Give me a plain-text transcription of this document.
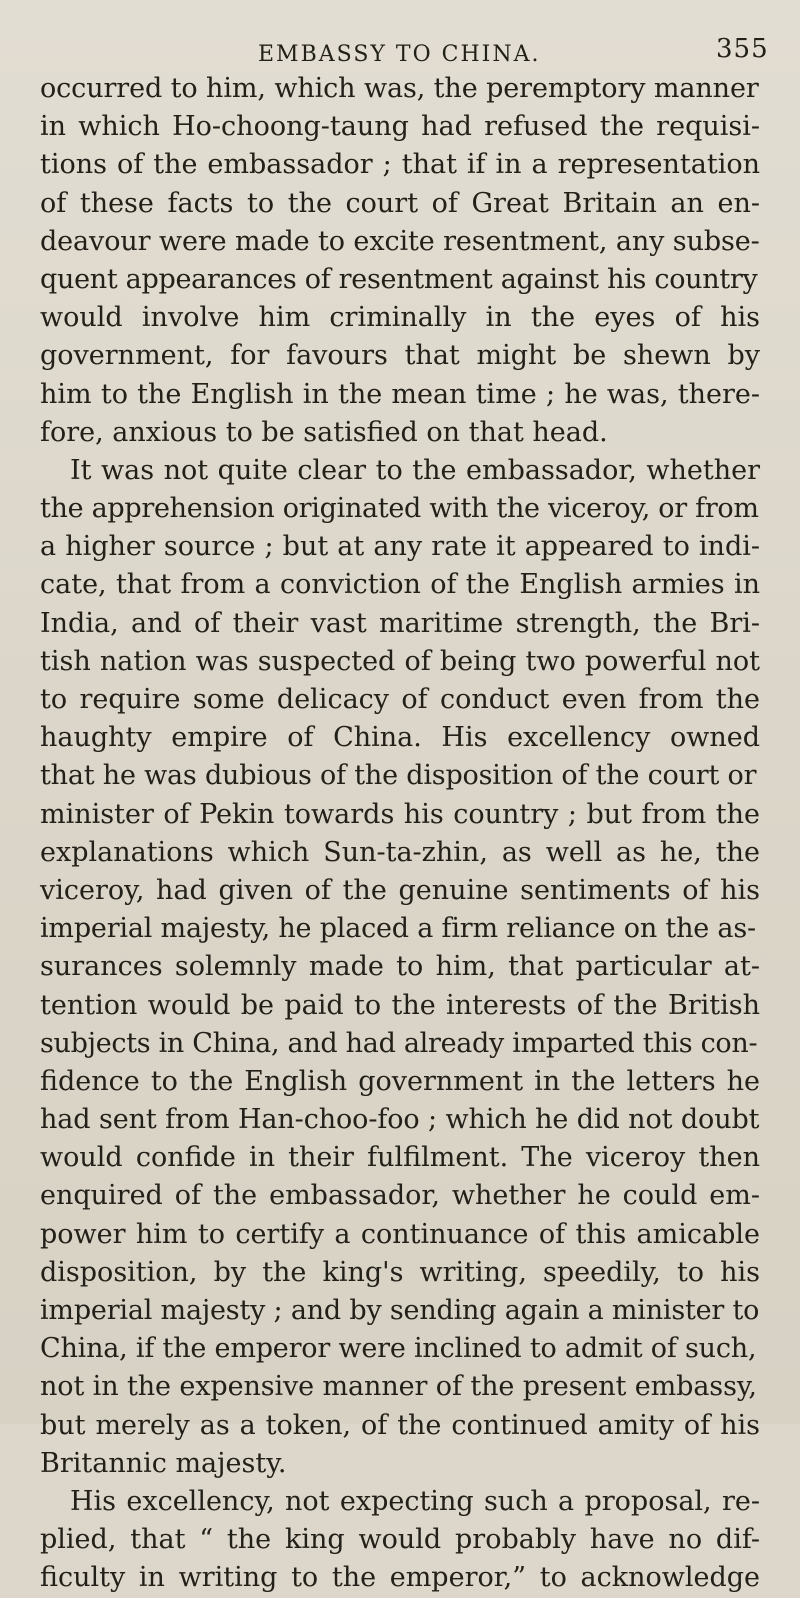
EMBASSY TO CHINA.	355
occurred to him, which was, the peremptory manner
in which Ho-choong-taung had refused the requisi-
tions of the embassador ; that if in a representation
of these facts to the court of Great Britain an en-
deavour were made to excite resentment, any subse-
quent appearances of resentment against his country
would involve him criminally in the eyes of his
government, for favours that might be shewn by
him to the English in the mean time ; he was, there-
fore, anxious to be satisfied on that head.
It was not quite clear to the embassador, whether
the apprehension originated with the viceroy, or from
a higher source ; but at any rate it appeared to indi-
cate, that from a conviction of the English armies in
India, and of their vast maritime strength, the Bri-
tish nation was suspected of being two powerful not
to require some delicacy of conduct even from the
haughty empire of China. His excellency owned
that he was dubious of the disposition of the court or
minister of Pekin towards his country ; but from the
explanations which Sun-ta-zhin, as well as he, the
viceroy, had given of the genuine sentiments of his
imperial majesty, he placed a firm reliance on the as-
surances solemnly made to him, that particular at-
tention would be paid to the interests of the British
subjects in China, and had already imparted this con-
fidence to the English government in the letters he
had sent from Han-choo-foo ; which he did not doubt
would confide in their fulfilment. The viceroy then
enquired of the embassador, whether he could em-
power him to certify a continuance of this amicable
disposition, by the king's writing, speedily, to his
imperial majesty ; and by sending again a minister to
China, if the emperor were inclined to admit of such,
not in the expensive manner of the present embassy,
but merely as a token, of the continued amity of his
Britannic majesty.
His excellency, not expecting such a proposal, re-
plied, that “ the king would probably have no dif-
ficulty in writing to the emperor,” to acknowledge
